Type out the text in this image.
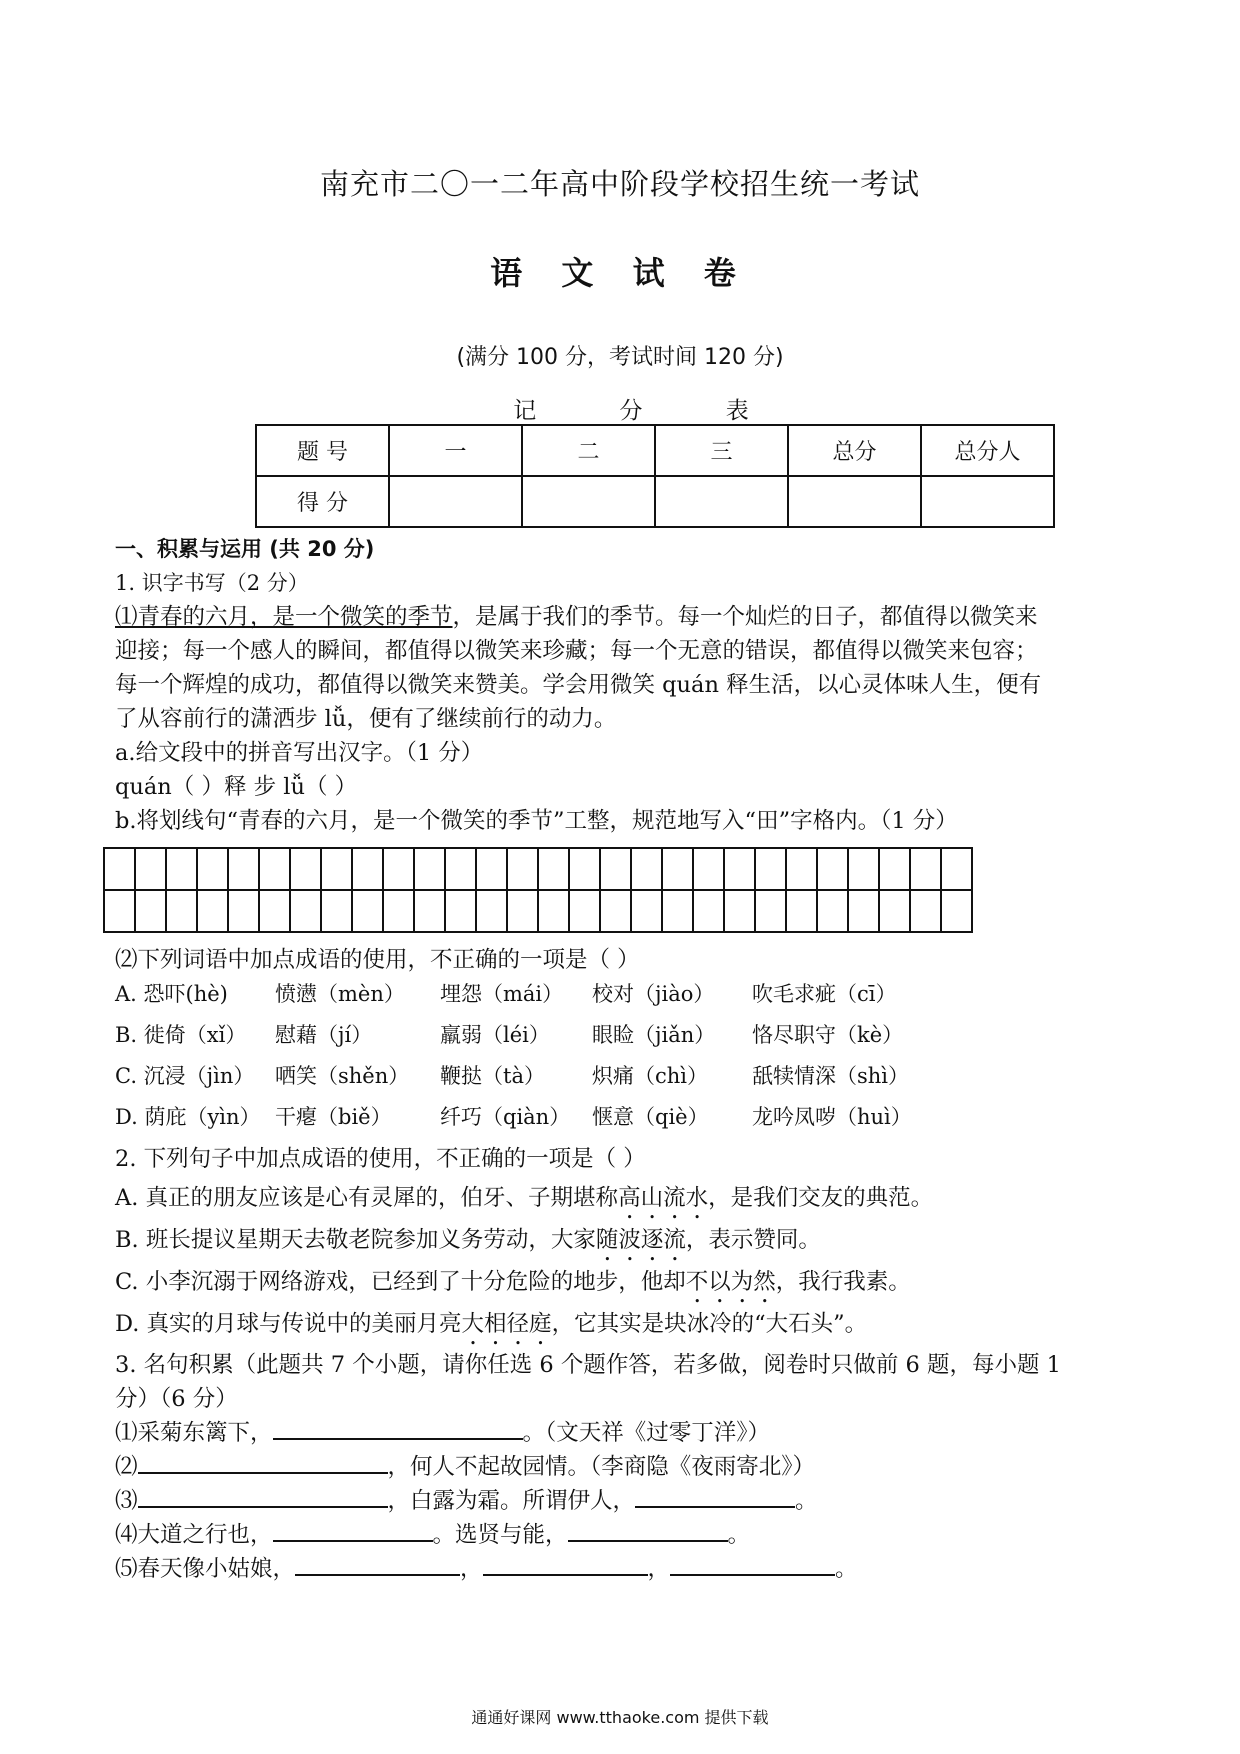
南充市二〇一二年高中阶段学校招生统一考试
语 文 试 卷
(满分 100 分，考试时间 120 分)
记 分 表
题 号	一	二	三	总分	总分人
得 分					
一、积累与运用 (共 20 分)
1. 识字书写（2 分）
⑴青春的六月，是一个微笑的季节，是属于我们的季节。每一个灿烂的日子，都值得以微笑来
迎接；每一个感人的瞬间，都值得以微笑来珍藏；每一个无意的错误，都值得以微笑来包容；
每一个辉煌的成功，都值得以微笑来赞美。学会用微笑 quán 释生活，以心灵体味人生，便有
了从容前行的潇洒步 lǚ，便有了继续前行的动力。
a.给文段中的拼音写出汉字。（1 分）
quán（ ）释 步 lǚ（ ）
b.将划线句“青春的六月，是一个微笑的季节”工整，规范地写入“田”字格内。（1 分）
⑵下列词语中加点成语的使用，不正确的一项是（ ）
A. 恐吓(hè) 愤懑（mèn） 埋怨（mái） 校对（jiào） 吹毛求疵（cī）
B. 徙倚（xǐ） 慰藉（jí）	羸弱（léi） 眼睑（jiǎn） 恪尽职守（kè）
C. 沉浸（jìn） 哂笑（shěn） 鞭挞（tà） 炽痛（chì） 舐犊情深（shì）
D. 荫庇（yìn） 干瘪（biě） 纤巧（qiàn） 惬意（qiè） 龙吟凤哕（huì）
2. 下列句子中加点成语的使用，不正确的一项是（ ）
A. 真正的朋友应该是心有灵犀的，伯牙、子期堪称高山流水，是我们交友的典范。
B. 班长提议星期天去敬老院参加义务劳动，大家随波逐流，表示赞同。
C. 小李沉溺于网络游戏，已经到了十分危险的地步，他却不以为然，我行我素。
D. 真实的月球与传说中的美丽月亮大相径庭，它其实是块冰冷的“大石头”。
3. 名句积累（此题共 7 个小题，请你任选 6 个题作答，若多做，阅卷时只做前 6 题，每小题 1
分）（6 分）
⑴采菊东篱下，	。（文天祥《过零丁洋》）
⑵	，何人不起故园情。（李商隐《夜雨寄北》）
⑶	，白露为霜。所谓伊人，	。
⑷大道之行也，	。选贤与能，	。
⑸春天像小姑娘，	，	，	。
通通好课网 www.tthaoke.com 提供下载
